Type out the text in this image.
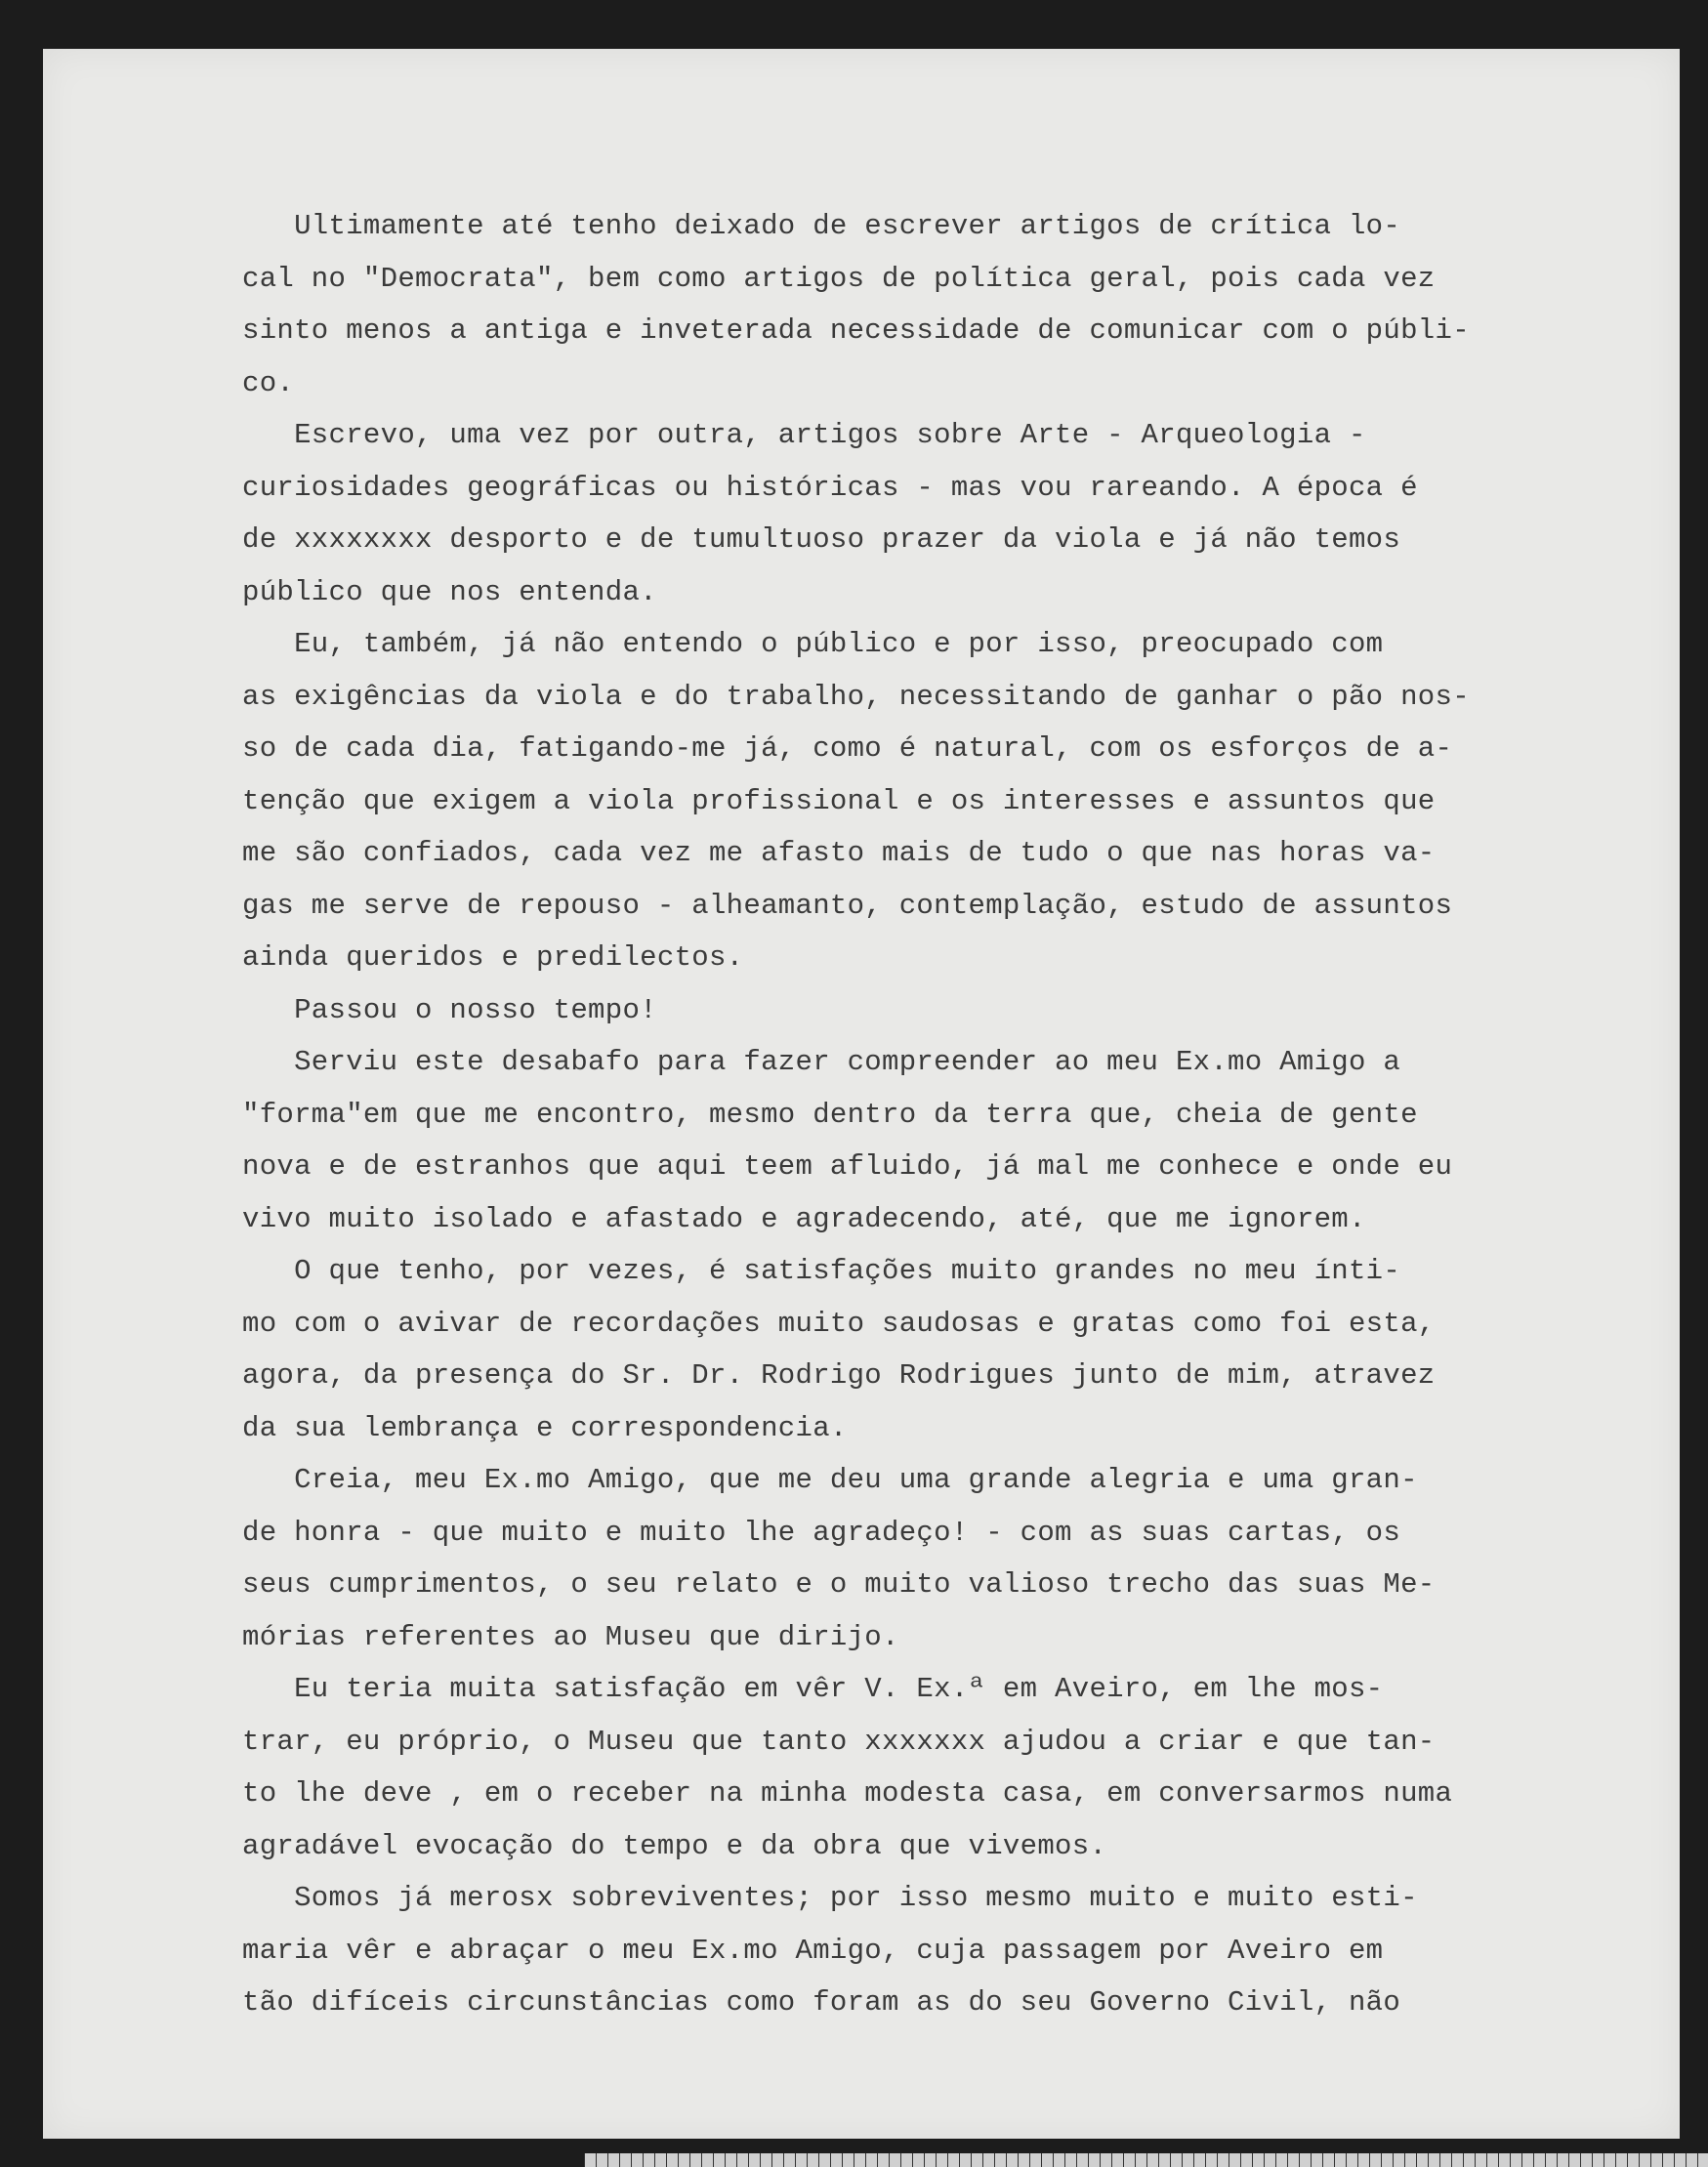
Ultimamente até tenho deixado de escrever artigos de crítica lo-
cal no "Democrata", bem como artigos de política geral, pois cada vez
sinto menos a antiga e inveterada necessidade de comunicar com o públi-
co.
Escrevo, uma vez por outra, artigos sobre Arte - Arqueologia -
curiosidades geográficas ou históricas - mas vou rareando. A época é
de xxxxxxxx desporto e de tumultuoso prazer da viola e já não temos
público que nos entenda.
Eu, também, já não entendo o público e por isso, preocupado com
as exigências da viola e do trabalho, necessitando de ganhar o pão nos-
so de cada dia, fatigando-me já, como é natural, com os esforços de a-
tenção que exigem a viola profissional e os interesses e assuntos que
me são confiados, cada vez me afasto mais de tudo o que nas horas va-
gas me serve de repouso - alheamanto, contemplação, estudo de assuntos
ainda queridos e predilectos.
Passou o nosso tempo!
Serviu este desabafo para fazer compreender ao meu Ex.mo Amigo a
"forma"em que me encontro, mesmo dentro da terra que, cheia de gente
nova e de estranhos que aqui teem afluido, já mal me conhece e onde eu
vivo muito isolado e afastado e agradecendo, até, que me ignorem.
O que tenho, por vezes, é satisfações muito grandes no meu ínti-
mo com o avivar de recordações muito saudosas e gratas como foi esta,
agora, da presença do Sr. Dr. Rodrigo Rodrigues junto de mim, atravez
da sua lembrança e correspondencia.
Creia, meu Ex.mo Amigo, que me deu uma grande alegria e uma gran-
de honra - que muito e muito lhe agradeço! - com as suas cartas, os
seus cumprimentos, o seu relato e o muito valioso trecho das suas Me-
mórias referentes ao Museu que dirijo.
Eu teria muita satisfação em vêr V. Ex.ª em Aveiro, em lhe mos-
trar, eu próprio, o Museu que tanto xxxxxxx ajudou a criar e que tan-
to lhe deve , em o receber na minha modesta casa, em conversarmos numa
agradável evocação do tempo e da obra que vivemos.
Somos já merosx sobreviventes; por isso mesmo muito e muito esti-
maria vêr e abraçar o meu Ex.mo Amigo, cuja passagem por Aveiro em
tão difíceis circunstâncias como foram as do seu Governo Civil, não
